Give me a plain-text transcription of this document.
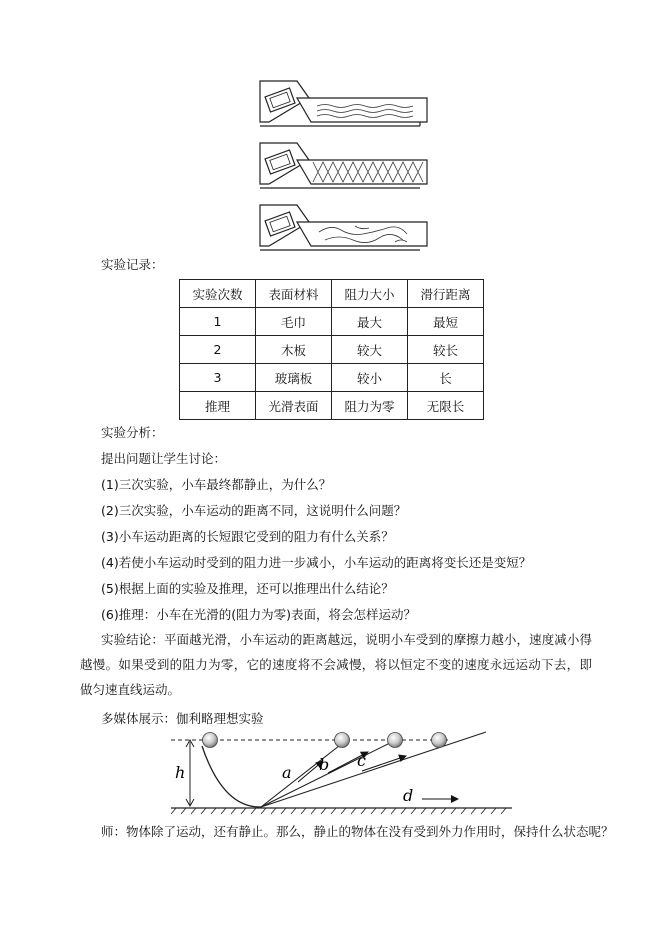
实验记录：
实验次数	表面材料	阻力大小	滑行距离
1	毛巾	最大	最短
2	木板	较大	较长
3	玻璃板	较小	长
推理	光滑表面	阻力为零	无限长
实验分析：
提出问题让学生讨论：
(1)三次实验，小车最终都静止，为什么？
(2)三次实验，小车运动的距离不同，这说明什么问题？
(3)小车运动距离的长短跟它受到的阻力有什么关系？
(4)若使小车运动时受到的阻力进一步减小，小车运动的距离将变长还是变短？
(5)根据上面的实验及推理，还可以推理出什么结论？
(6)推理：小车在光滑的(阻力为零)表面，将会怎样运动？
实验结论：平面越光滑，小车运动的距离越远，说明小车受到的摩擦力越小，速度减小得越慢。如果受到的阻力为零，它的速度将不会减慢，将以恒定不变的速度永远运动下去，即做匀速直线运动。
多媒体展示：伽利略理想实验
h	a b c
d
师：物体除了运动，还有静止。那么，静止的物体在没有受到外力作用时，保持什么状态呢？
